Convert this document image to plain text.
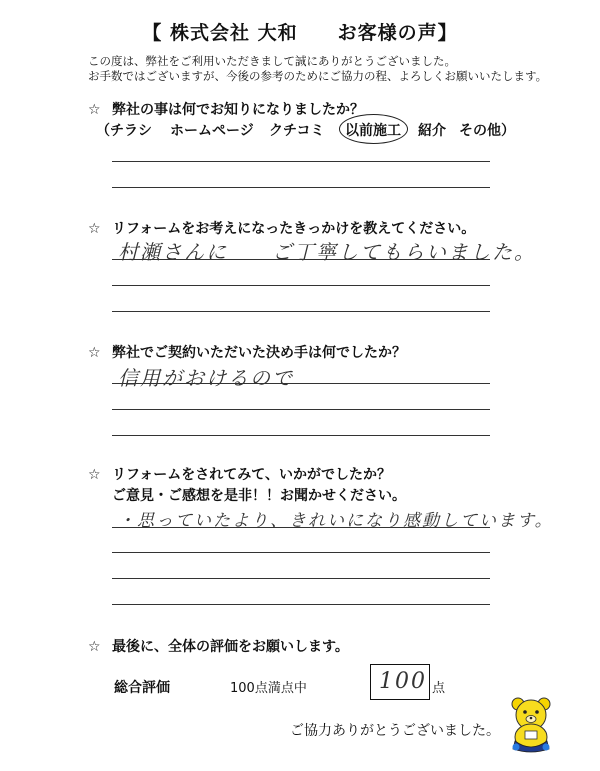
【 株式会社 大和　　お客様の声】
この度は、弊社をご利用いただきまして誠にありがとうございました。
お手数ではございますが、今後の参考のためにご協力の程、よろしくお願いいたします。
☆ 弊社の事は何でお知りになりましたか？
（チラシ ホームページ クチコミ 以前施工 紹介 その他）
☆ リフォームをお考えになったきっかけを教えてください。
村瀬さんに　　ご丁寧してもらいました。
☆ 弊社でご契約いただいた決め手は何でしたか？
信用がおけるので
☆ リフォームをされてみて、いかがでしたか？
ご意見・ご感想を是非！！お聞かせください。
・思っていたより、きれいになり感動しています。
☆ 最後に、全体の評価をお願いします。
総合評価	100点満点中	100 点
ご協力ありがとうございました。
